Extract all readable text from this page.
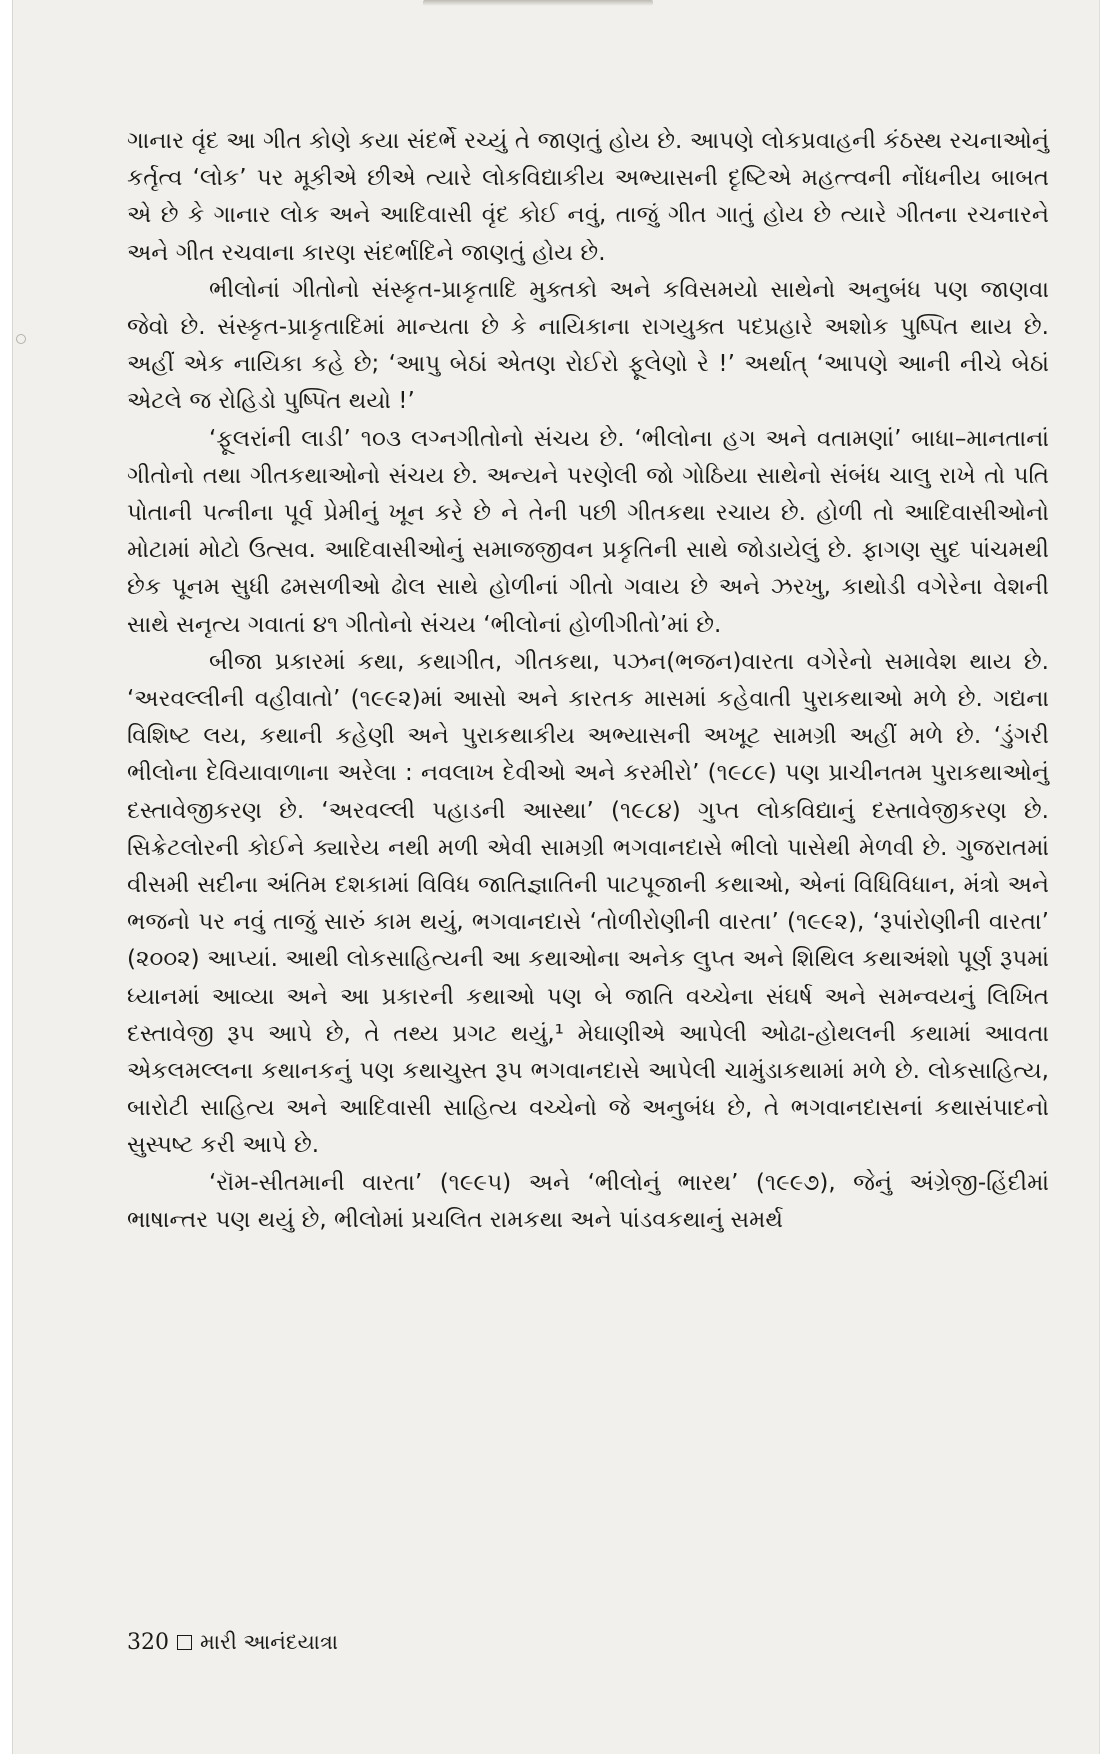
ગાનાર વૃંદ આ ગીત કોણે કયા સંદર્ભે રચ્યું તે જાણતું હોય છે. આપણે લોકપ્રવાહની કંઠસ્થ રચનાઓનું કર્તૃત્વ ‘લોક’ પર મૂકીએ છીએ ત્યારે લોકવિદ્યાકીય અભ્યાસની દૃષ્ટિએ મહત્ત્વની નોંધનીય બાબત એ છે કે ગાનાર લોક અને આદિવાસી વૃંદ કોઈ નવું, તાજું ગીત ગાતું હોય છે ત્યારે ગીતના રચનારને અને ગીત રચવાના કારણ સંદર્ભાદિને જાણતું હોય છે.

ભીલોનાં ગીતોનો સંસ્કૃત-પ્રાકૃતાદિ મુક્તકો અને કવિસમયો સાથેનો અનુબંધ પણ જાણવા જેવો છે. સંસ્કૃત-પ્રાકૃતાદિમાં માન્યતા છે કે નાયિકાના રાગયુક્ત પદપ્રહારે અશોક પુષ્પિત થાય છે. અહીં એક નાયિકા કહે છે; ‘આપુ બેઠાં એતણ રોઈરો ફૂલેણો રે !’ અર્થાત્ ‘આપણે આની નીચે બેઠાં એટલે જ રોહિડો પુષ્પિત થયો !’

‘ફૂલરાંની લાડી’ ૧૦૩ લગ્નગીતોનો સંચય છે. ‘ભીલોના હગ અને વતામણાં’ બાધા–માનતાનાં ગીતોનો તથા ગીતકથાઓનો સંચય છે. અન્યને પરણેલી જો ગોઠિયા સાથેનો સંબંધ ચાલુ રાખે તો પતિ પોતાની પત્નીના પૂર્વ પ્રેમીનું ખૂન કરે છે ને તેની પછી ગીતકથા રચાય છે. હોળી તો આદિવાસીઓનો મોટામાં મોટો ઉત્સવ. આદિવાસીઓનું સમાજજીવન પ્રકૃતિની સાથે જોડાયેલું છે. ફાગણ સુદ પાંચમથી છેક પૂનમ સુધી ઢમસળીઓ ઢોલ સાથે હોળીનાં ગીતો ગવાય છે અને ઝરખુ, કાથોડી વગેરેના વેશની સાથે સનૃત્ય ગવાતાં ૪૧ ગીતોનો સંચય ‘ભીલોનાં હોળીગીતો’માં છે.

બીજા પ્રકારમાં કથા, કથાગીત, ગીતકથા, પઝન(ભજન)વારતા વગેરેનો સમાવેશ થાય છે. ‘અરવલ્લીની વહીવાતો’ (૧૯૯૨)માં આસો અને કારતક માસમાં કહેવાતી પુરાકથાઓ મળે છે. ગદ્યના વિશિષ્ટ લય, કથાની કહેણી અને પુરાકથાકીય અભ્યાસની અખૂટ સામગ્રી અહીં મળે છે. ‘ડુંગરી ભીલોના દેવિયાવાળાના અરેલા : નવલાખ દેવીઓ અને કરમીરો’ (૧૯૮૯) પણ પ્રાચીનતમ પુરાકથાઓનું દસ્તાવેજીકરણ છે. ‘અરવલ્લી પહાડની આસ્થા’ (૧૯૮૪) ગુપ્ત લોકવિદ્યાનું દસ્તાવેજીકરણ છે. સિક્રેટલોરની કોઈને ક્યારેય નથી મળી એવી સામગ્રી ભગવાનદાસે ભીલો પાસેથી મેળવી છે. ગુજરાતમાં વીસમી સદીના અંતિમ દશકામાં વિવિધ જાતિજ્ઞાતિની પાટપૂજાની કથાઓ, એનાં વિધિવિધાન, મંત્રો અને ભજનો પર નવું તાજું સારું કામ થયું, ભગવાનદાસે ‘તોળીરોણીની વારતા’ (૧૯૯૨), ‘રૂપાંરોણીની વારતા’ (૨૦૦૨) આપ્યાં. આથી લોકસાહિત્યની આ કથાઓના અનેક લુપ્ત અને શિથિલ કથાઅંશો પૂર્ણ રૂપમાં ધ્યાનમાં આવ્યા અને આ પ્રકારની કથાઓ પણ બે જાતિ વચ્ચેના સંઘર્ષ અને સમન્વયનું લિખિત દસ્તાવેજી રૂપ આપે છે, તે તથ્ય પ્રગટ થયું,¹ મેઘાણીએ આપેલી ઓઢા-હોથલની કથામાં આવતા એકલમલ્લના કથાનકનું પણ કથાચુસ્ત રૂપ ભગવાનદાસે આપેલી ચામુંડાકથામાં મળે છે. લોકસાહિત્ય, બારોટી સાહિત્ય અને આદિવાસી સાહિત્ય વચ્ચેનો જે અનુબંધ છે, તે ભગવાનદાસનાં કથાસંપાદનો સુસ્પષ્ટ કરી આપે છે.

‘રૉમ-સીતમાની વારતા’ (૧૯૯૫) અને ‘ભીલોનું ભારથ’ (૧૯૯૭), જેનું અંગ્રેજી-હિંદીમાં ભાષાન્તર પણ થયું છે, ભીલોમાં પ્રચલિત રામકથા અને પાંડવકથાનું સમર્થ

320 મારી આનંદયાત્રા
